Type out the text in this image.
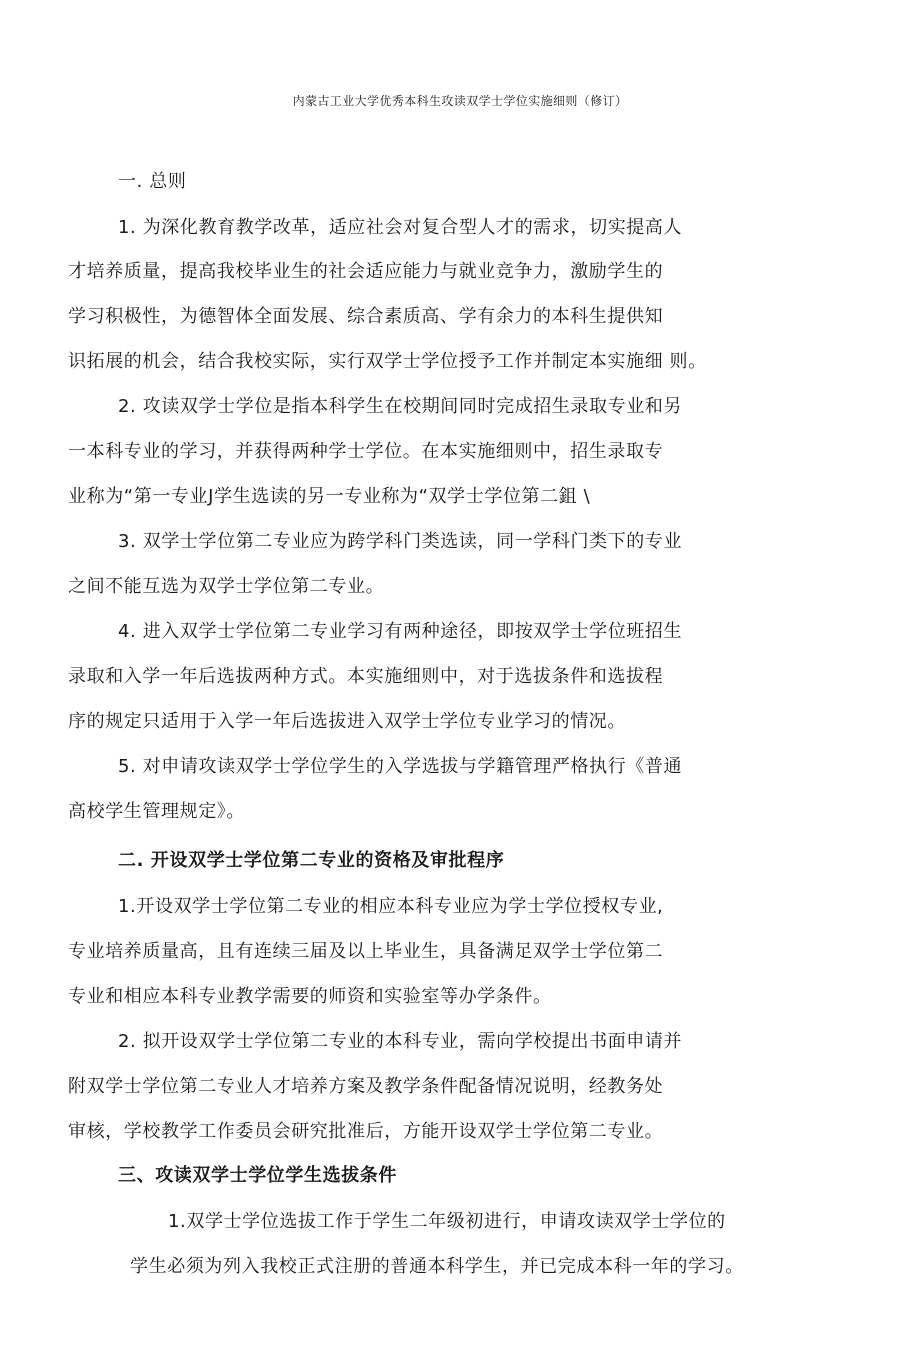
内蒙古工业大学优秀本科生攻读双学士学位实施细则（修订）
一. 总则
1. 为深化教育教学改革，适应社会对复合型人才的需求，切实提高人
才培养质量，提高我校毕业生的社会适应能力与就业竞争力，激励学生的
学习积极性，为德智体全面发展、综合素质高、学有余力的本科生提供知
识拓展的机会，结合我校实际，实行双学士学位授予工作并制定本实施细 则。
2. 攻读双学士学位是指本科学生在校期间同时完成招生录取专业和另
一本科专业的学习，并获得两种学士学位。在本实施细则中，招生录取专
业称为“第一专业J学生选读的另一专业称为“双学士学位第二鉏 \
3. 双学士学位第二专业应为跨学科门类选读，同一学科门类下的专业
之间不能互选为双学士学位第二专业。
4. 进入双学士学位第二专业学习有两种途径，即按双学士学位班招生
录取和入学一年后选拔两种方式。本实施细则中，对于选拔条件和选拔程
序的规定只适用于入学一年后选拔进入双学士学位专业学习的情况。
5. 对申请攻读双学士学位学生的入学选拔与学籍管理严格执行《普通
高校学生管理规定》。
二. 开设双学士学位第二专业的资格及审批程序
1.开设双学士学位第二专业的相应本科专业应为学士学位授权专业,
专业培养质量高，且有连续三届及以上毕业生，具备满足双学士学位第二
专业和相应本科专业教学需要的师资和实验室等办学条件。
2. 拟开设双学士学位第二专业的本科专业，需向学校提出书面申请并
附双学士学位第二专业人才培养方案及教学条件配备情况说明，经教务处
审核，学校教学工作委员会研究批准后，方能开设双学士学位第二专业。
三、攻读双学士学位学生选拔条件
1.双学士学位选拔工作于学生二年级初进行，申请攻读双学士学位的
学生必须为列入我校正式注册的普通本科学生，并已完成本科一年的学习。
